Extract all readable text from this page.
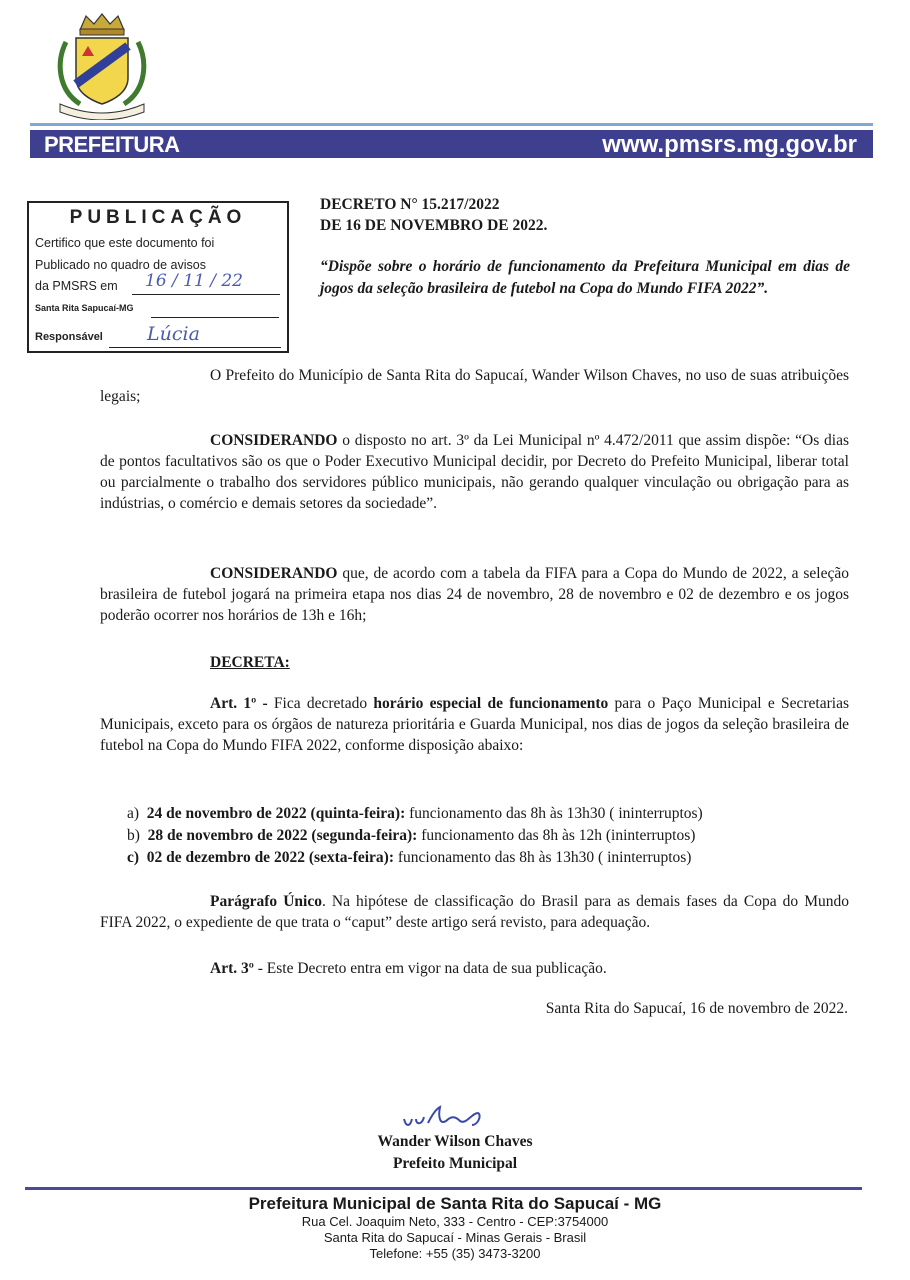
PREFEITURA	www.pmsrs.mg.gov.br
PUBLICAÇÃO
Certifico que este documento foi
Publicado no quadro de avisos
da PMSRS em 16 / 11 / 22
Santa Rita Sapucaí-MG
Responsável Lúcia
DECRETO N° 15.217/2022
DE 16 DE NOVEMBRO DE 2022.
“Dispõe sobre o horário de funcionamento da Prefeitura Municipal em dias de jogos da seleção brasileira de futebol na Copa do Mundo FIFA 2022”.

O Prefeito do Município de Santa Rita do Sapucaí, Wander Wilson Chaves, no uso de suas atribuições legais;

CONSIDERANDO o disposto no art. 3º da Lei Municipal nº 4.472/2011 que assim dispõe: “Os dias de pontos facultativos são os que o Poder Executivo Municipal decidir, por Decreto do Prefeito Municipal, liberar total ou parcialmente o trabalho dos servidores público municipais, não gerando qualquer vinculação ou obrigação para as indústrias, o comércio e demais setores da sociedade”.

CONSIDERANDO que, de acordo com a tabela da FIFA para a Copa do Mundo de 2022, a seleção brasileira de futebol jogará na primeira etapa nos dias 24 de novembro, 28 de novembro e 02 de dezembro e os jogos poderão ocorrer nos horários de 13h e 16h;

DECRETA:

Art. 1º - Fica decretado horário especial de funcionamento para o Paço Municipal e Secretarias Municipais, exceto para os órgãos de natureza prioritária e Guarda Municipal, nos dias de jogos da seleção brasileira de futebol na Copa do Mundo FIFA 2022, conforme disposição abaixo:

a) 24 de novembro de 2022 (quinta-feira): funcionamento das 8h às 13h30 ( ininterruptos)
b) 28 de novembro de 2022 (segunda-feira): funcionamento das 8h às 12h (ininterruptos)
c) 02 de dezembro de 2022 (sexta-feira): funcionamento das 8h às 13h30 ( ininterruptos)

Parágrafo Único. Na hipótese de classificação do Brasil para as demais fases da Copa do Mundo FIFA 2022, o expediente de que trata o “caput” deste artigo será revisto, para adequação.

Art. 3º - Este Decreto entra em vigor na data de sua publicação.

Santa Rita do Sapucaí, 16 de novembro de 2022.
Wander Wilson Chaves
Prefeito Municipal
Prefeitura Municipal de Santa Rita do Sapucaí - MG
Rua Cel. Joaquim Neto, 333 - Centro - CEP:3754000
Santa Rita do Sapucaí - Minas Gerais - Brasil
Telefone: +55 (35) 3473-3200
